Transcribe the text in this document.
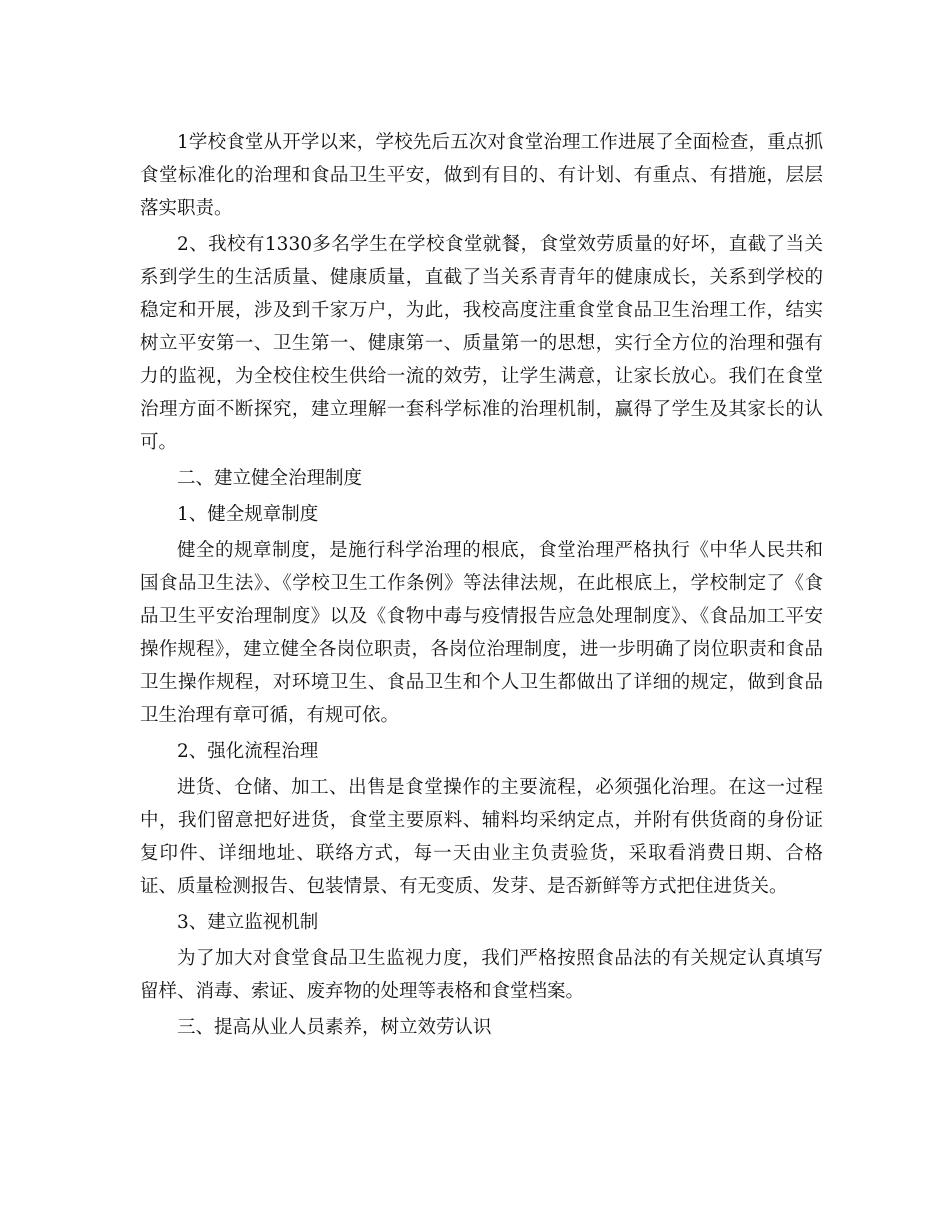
1学校食堂从开学以来，学校先后五次对食堂治理工作进展了全面检查，重点抓食堂标准化的治理和食品卫生平安，做到有目的、有计划、有重点、有措施，层层落实职责。

2、我校有1330多名学生在学校食堂就餐，食堂效劳质量的好坏，直截了当关系到学生的生活质量、健康质量，直截了当关系青青年的健康成长，关系到学校的稳定和开展，涉及到千家万户，为此，我校高度注重食堂食品卫生治理工作，结实树立平安第一、卫生第一、健康第一、质量第一的思想，实行全方位的治理和强有力的监视，为全校住校生供给一流的效劳，让学生满意，让家长放心。我们在食堂治理方面不断探究，建立理解一套科学标准的治理机制，赢得了学生及其家长的认可。

二、建立健全治理制度

1、健全规章制度

健全的规章制度，是施行科学治理的根底，食堂治理严格执行《中华人民共和国食品卫生法》、《学校卫生工作条例》等法律法规，在此根底上，学校制定了《食品卫生平安治理制度》以及《食物中毒与疫情报告应急处理制度》、《食品加工平安操作规程》，建立健全各岗位职责，各岗位治理制度，进一步明确了岗位职责和食品卫生操作规程，对环境卫生、食品卫生和个人卫生都做出了详细的规定，做到食品卫生治理有章可循，有规可依。

2、强化流程治理

进货、仓储、加工、出售是食堂操作的主要流程，必须强化治理。在这一过程中，我们留意把好进货，食堂主要原料、辅料均采纳定点，并附有供货商的身份证复印件、详细地址、联络方式，每一天由业主负责验货，采取看消费日期、合格证、质量检测报告、包装情景、有无变质、发芽、是否新鲜等方式把住进货关。

3、建立监视机制

为了加大对食堂食品卫生监视力度，我们严格按照食品法的有关规定认真填写留样、消毒、索证、废弃物的处理等表格和食堂档案。

三、提高从业人员素养，树立效劳认识
